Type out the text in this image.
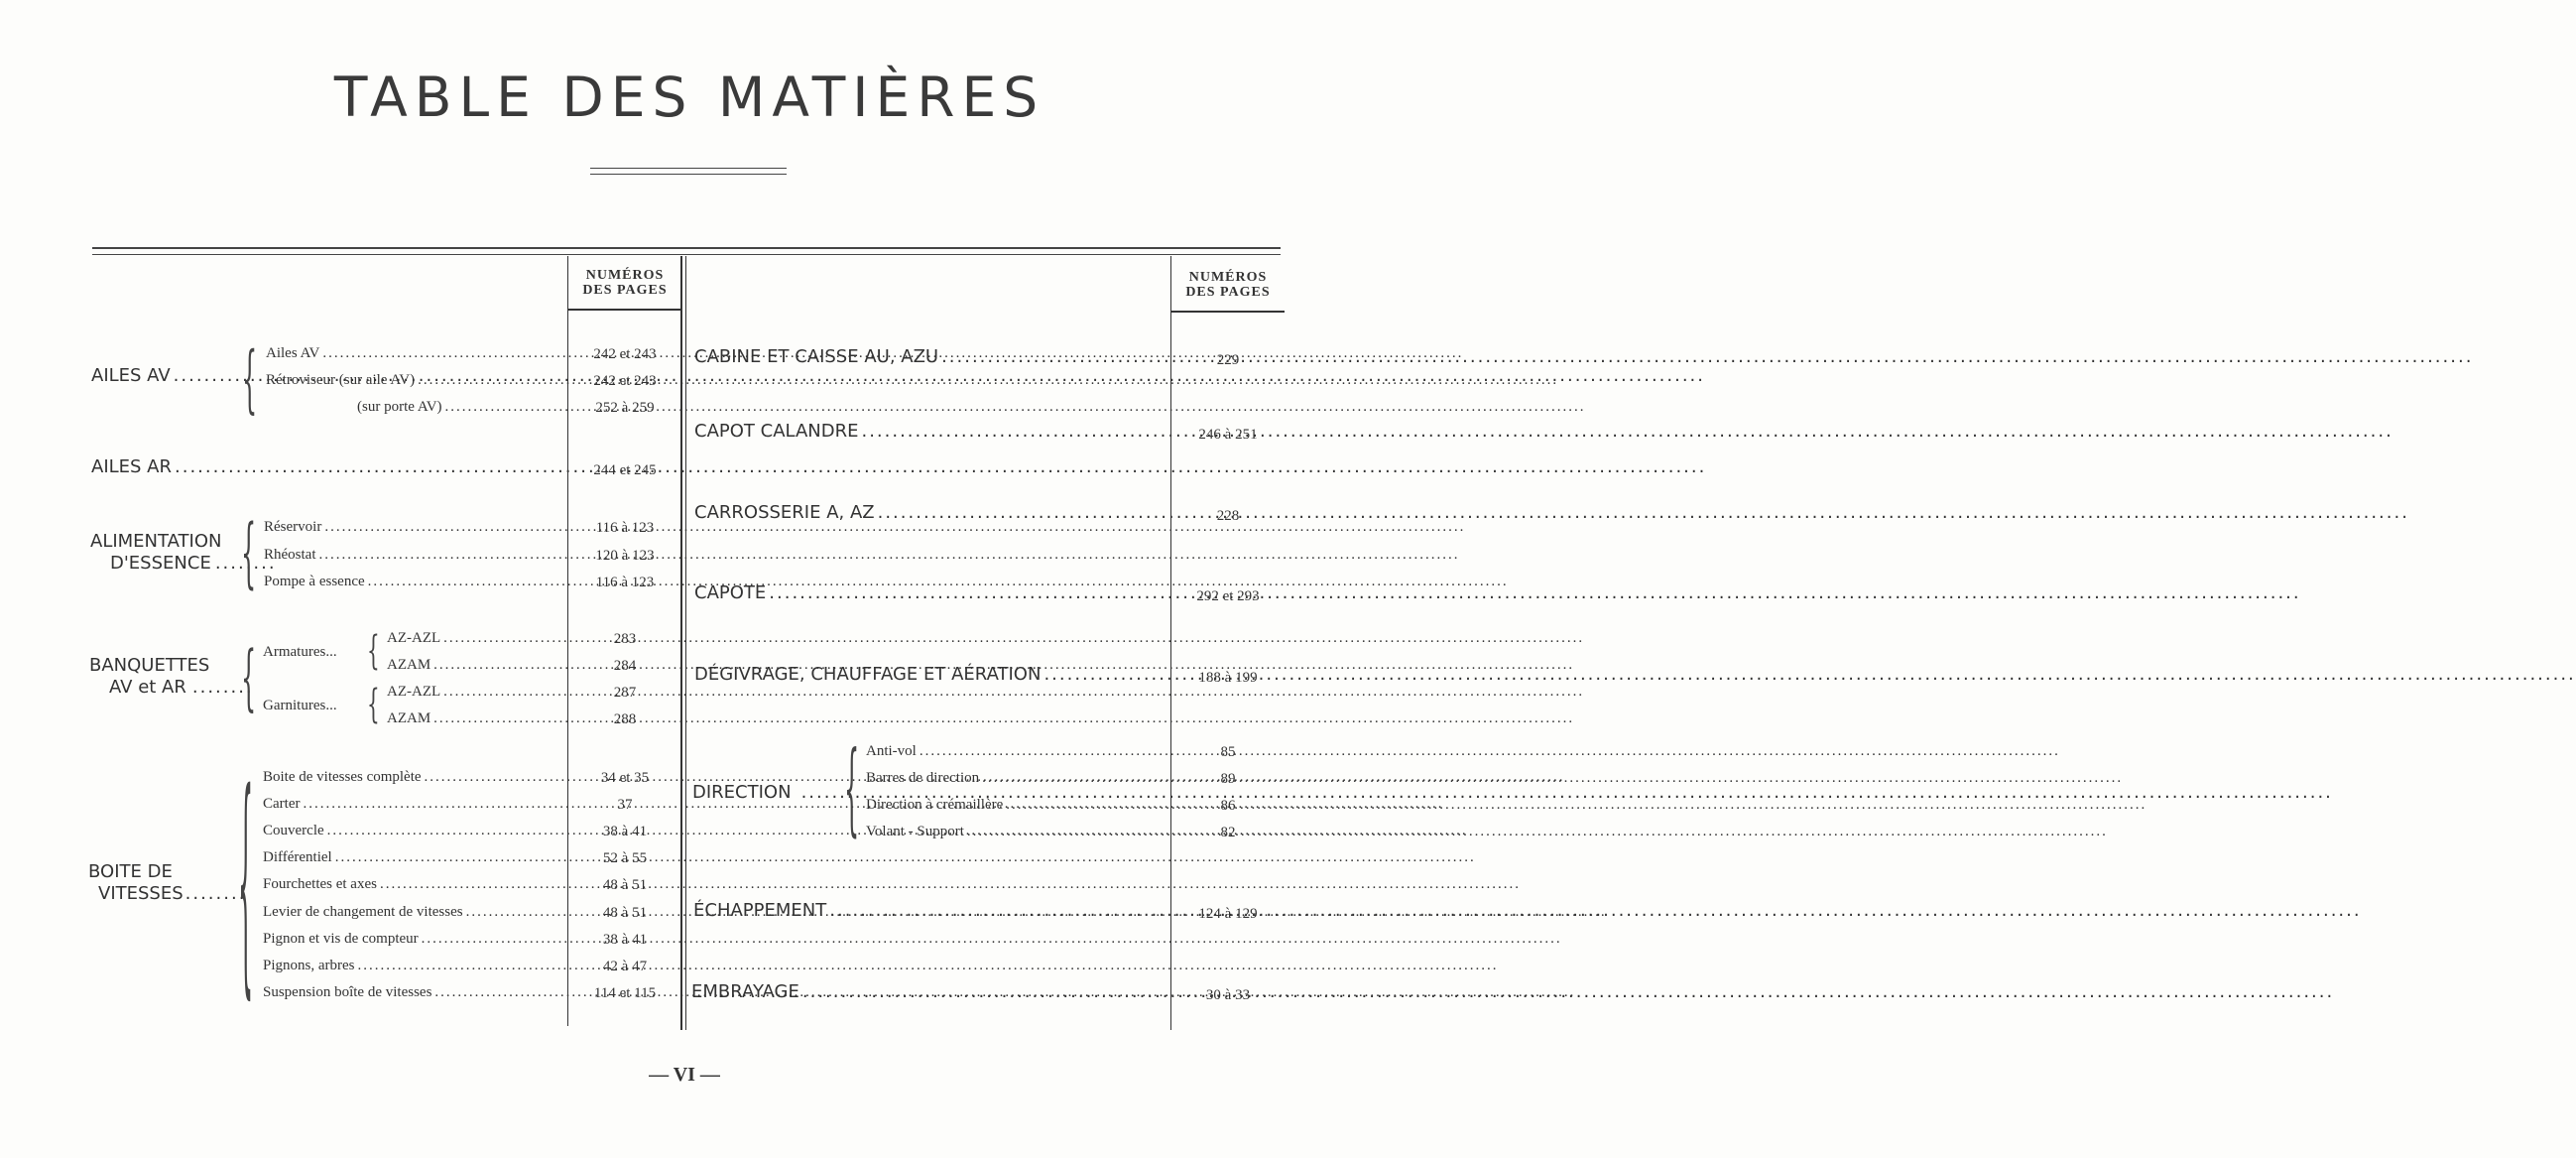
TABLE DES MATIÈRES
NUMÉROS
DES PAGES
NUMÉROS
DES PAGES
AILES AV .....	{ Ailes AV .....	242 et 243
Rétroviseur (sur aile AV) .....	242 et 243
(sur porte AV) .....	252 à 259
AILES AR .....	244 et 245
ALIMENTATION
D'ESSENCE ........
{ Réservoir .....	116 à 123
Rhéostat .....	120 à 123
Pompe à essence .....	116 à 123
BANQUETTES
AV et AR ........
{ Armatures... { AZ-AZL .....	283
AZAM .....	284
Garnitures... { AZ-AZL .....	287
AZAM .....	288
BOITE DE
VITESSES ........
{ Boite de vitesses complète .....	34 et 35
Carter .....	37
Couvercle .....	38 à 41
Différentiel .....	52 à 55
Fourchettes et axes .....	48 à 51
Levier de changement de vitesses .....	48 à 51
Pignon et vis de compteur .....	38 à 41
Pignons, arbres .....	42 à 47
Suspension boîte de vitesses .....	114 et 115
CABINE ET CAISSE AU, AZU .....	229
CAPOT CALANDRE .....	246 à 251
CARROSSERIE A, AZ .....	228
CAPOTE .....	292 et 293
DÉGIVRAGE, CHAUFFAGE ET AÉRATION .....	188 à 199
ÉCHAPPEMENT .....	124 à 129
EMBRAYAGE .....	30 à 33
DIRECTION ..... { Anti-vol .....	85
Barres de direction .....	89
Direction à crémaillère .....	86
Volant - Support .....	82
— VI —
